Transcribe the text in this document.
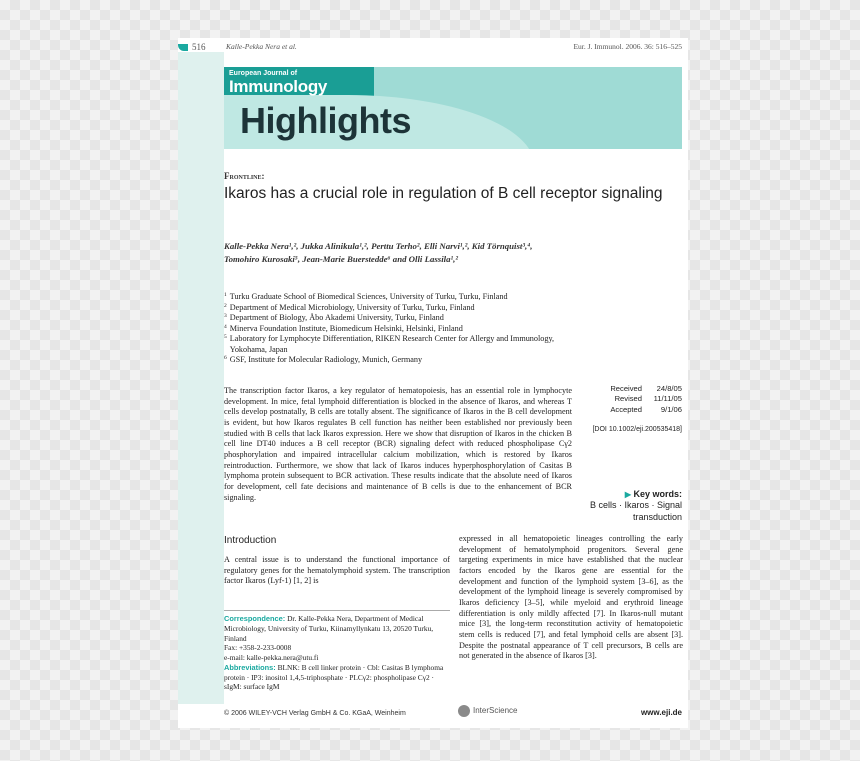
516	Kalle-Pekka Nera et al.	Eur. J. Immunol. 2006. 36: 516–525
European Journal of
Immunology
Highlights
Frontline:
Ikaros has a crucial role in regulation of B cell receptor signaling
Kalle-Pekka Nera¹,², Jukka Alinikula¹,², Perttu Terho², Elli Narvi¹,², Kid Törnquist³,⁴, Tomohiro Kurosaki⁵, Jean-Marie Buerstedde⁶ and Olli Lassila¹,²
1 Turku Graduate School of Biomedical Sciences, University of Turku, Turku, Finland
2 Department of Medical Microbiology, University of Turku, Turku, Finland
3 Department of Biology, Åbo Akademi University, Turku, Finland
4 Minerva Foundation Institute, Biomedicum Helsinki, Helsinki, Finland
5 Laboratory for Lymphocyte Differentiation, RIKEN Research Center for Allergy and Immunology, Yokohama, Japan
6 GSF, Institute for Molecular Radiology, Munich, Germany
The transcription factor Ikaros, a key regulator of hematopoiesis, has an essential role in lymphocyte development. In mice, fetal lymphoid differentiation is blocked in the absence of Ikaros, and whereas T cells develop postnatally, B cells are totally absent. The significance of Ikaros in the B cell development is evident, but how Ikaros regulates B cell function has neither been established nor previously been studied with B cells that lack Ikaros expression. Here we show that disruption of Ikaros in the chicken B cell line DT40 induces a B cell receptor (BCR) signaling defect with reduced phospholipase Cγ2 phosphorylation and impaired intracellular calcium mobilization, which is restored by Ikaros reintroduction. Furthermore, we show that lack of Ikaros induces hyperphosphorylation of Casitas B lymphoma protein subsequent to BCR activation. These results indicate that the absolute need of Ikaros for development, cell fate decisions and maintenance of B cells is due to the enhancement of BCR signaling.
Received	24/8/05
Revised	11/11/05
Accepted	9/1/06
[DOI 10.1002/eji.200535418]
▶ Key words:
B cells · Ikaros · Signal transduction
Introduction
A central issue is to understand the functional importance of regulatory genes for the hematolymphoid system. The transcription factor Ikaros (Lyf-1) [1, 2] is
Correspondence: Dr. Kalle-Pekka Nera, Department of Medical Microbiology, University of Turku, Kiinamyllynkatu 13, 20520 Turku, Finland
Fax: +358-2-233-0008
e-mail: kalle-pekka.nera@utu.fi
Abbreviations: BLNK: B cell linker protein · Cbl: Casitas B lymphoma protein · IP3: inositol 1,4,5-triphosphate · PLCγ2: phospholipase Cγ2 · sIgM: surface IgM
expressed in all hematopoietic lineages controlling the early development of hematolymphoid progenitors. Several gene targeting experiments in mice have established that the nuclear factors encoded by the Ikaros gene are essential for the development and function of the lymphoid system [3–6], as the development of the lymphoid lineage is severely compromised by Ikaros deficiency [3–5], while myeloid and erythroid lineage differentiation is only mildly affected [7]. In Ikaros-null mutant mice [3], the long-term reconstitution activity of hematopoietic stem cells is reduced [7], and fetal lymphoid cells are absent [3]. Despite the postnatal appearance of T cell precursors, B cells are not generated in the absence of Ikaros [3].
© 2006 WILEY-VCH Verlag GmbH & Co. KGaA, Weinheim	InterScience	www.eji.de
